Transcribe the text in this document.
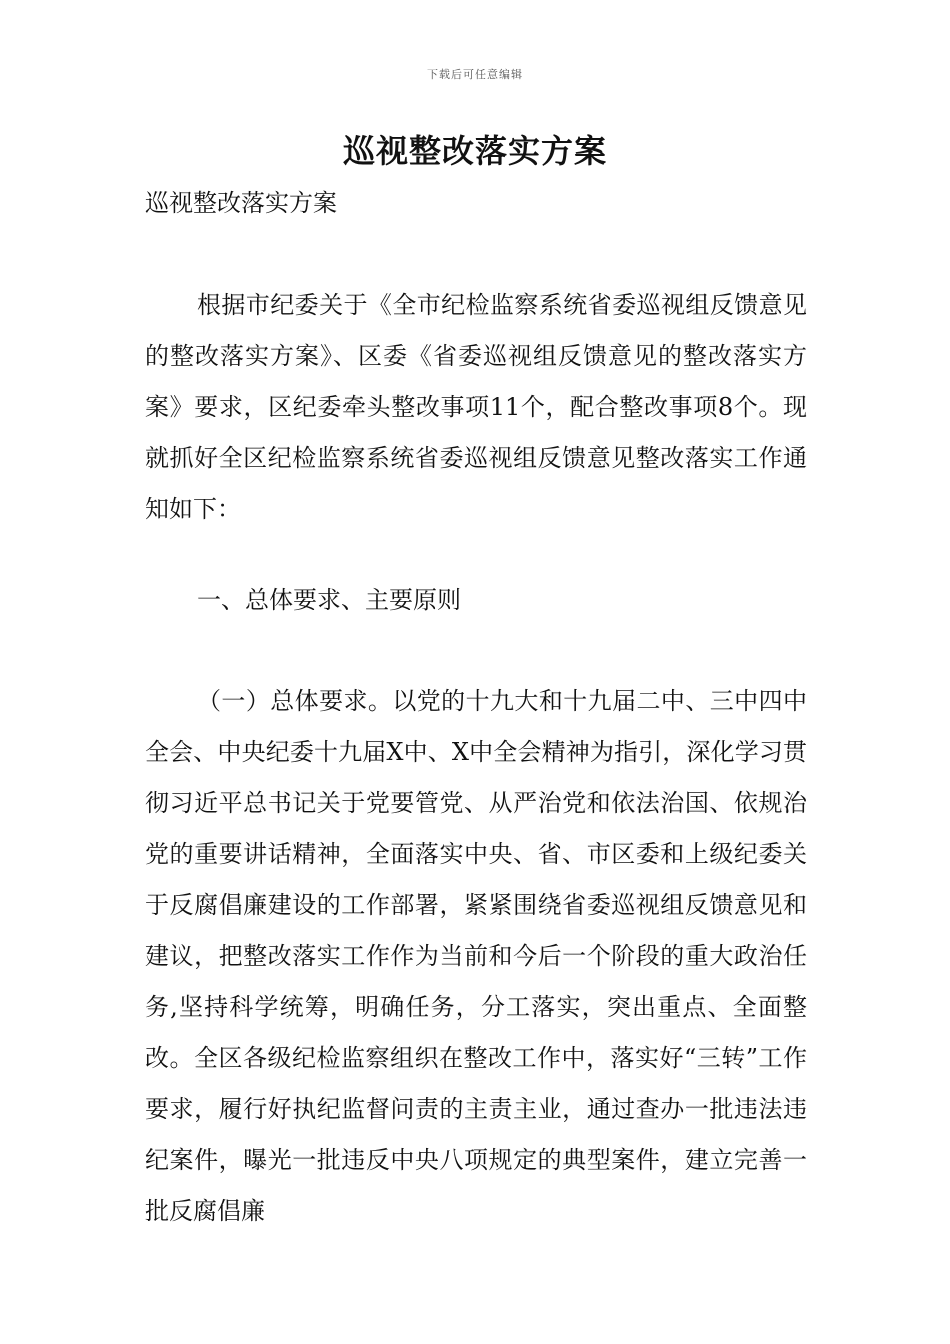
下载后可任意编辑
巡视整改落实方案
巡视整改落实方案

根据市纪委关于《全市纪检监察系统省委巡视组反馈意见的整改落实方案》、区委《省委巡视组反馈意见的整改落实方案》要求，区纪委牵头整改事项11个，配合整改事项8个。现就抓好全区纪检监察系统省委巡视组反馈意见整改落实工作通知如下：

一、总体要求、主要原则

（一）总体要求。以党的十九大和十九届二中、三中四中全会、中央纪委十九届X中、X中全会精神为指引，深化学习贯彻习近平总书记关于党要管党、从严治党和依法治国、依规治党的重要讲话精神，全面落实中央、省、市区委和上级纪委关于反腐倡廉建设的工作部署，紧紧围绕省委巡视组反馈意见和建议，把整改落实工作作为当前和今后一个阶段的重大政治任务,坚持科学统筹，明确任务，分工落实，突出重点、全面整改。全区各级纪检监察组织在整改工作中，落实好“三转”工作要求，履行好执纪监督问责的主责主业，通过查办一批违法违纪案件，曝光一批违反中央八项规定的典型案件，建立完善一批反腐倡廉
